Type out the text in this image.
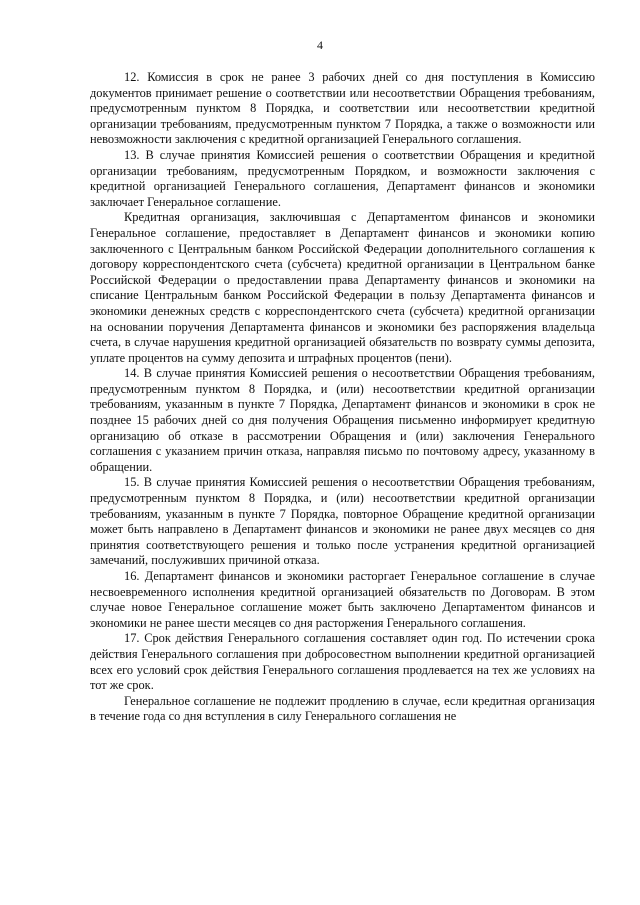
4

12. Комиссия в срок не ранее 3 рабочих дней со дня поступления в Комиссию документов принимает решение о соответствии или несоответствии Обращения требованиям, предусмотренным пунктом 8 Порядка, и соответствии или несоответствии кредитной организации требованиям, предусмотренным пунктом 7 Порядка, а также о возможности или невозможности заключения с кредитной организацией Генерального соглашения.

13. В случае принятия Комиссией решения о соответствии Обращения и кредитной организации требованиям, предусмотренным Порядком, и возможности заключения с кредитной организацией Генерального соглашения, Департамент финансов и экономики заключает Генеральное соглашение.

Кредитная организация, заключившая с Департаментом финансов и экономики Генеральное соглашение, предоставляет в Департамент финансов и экономики копию заключенного с Центральным банком Российской Федерации дополнительного соглашения к договору корреспондентского счета (субсчета) кредитной организации в Центральном банке Российской Федерации о предоставлении права Департаменту финансов и экономики на списание Центральным банком Российской Федерации в пользу Департамента финансов и экономики денежных средств с корреспондентского счета (субсчета) кредитной организации на основании поручения Департамента финансов и экономики без распоряжения владельца счета, в случае нарушения кредитной организацией обязательств по возврату суммы депозита, уплате процентов на сумму депозита и штрафных процентов (пени).

14. В случае принятия Комиссией решения о несоответствии Обращения требованиям, предусмотренным пунктом 8 Порядка, и (или) несоответствии кредитной организации требованиям, указанным в пункте 7 Порядка, Департамент финансов и экономики в срок не позднее 15 рабочих дней со дня получения Обращения письменно информирует кредитную организацию об отказе в рассмотрении Обращения и (или) заключения Генерального соглашения с указанием причин отказа, направляя письмо по почтовому адресу, указанному в обращении.

15. В случае принятия Комиссией решения о несоответствии Обращения требованиям, предусмотренным пунктом 8 Порядка, и (или) несоответствии кредитной организации требованиям, указанным в пункте 7 Порядка, повторное Обращение кредитной организации может быть направлено в Департамент финансов и экономики не ранее двух месяцев со дня принятия соответствующего решения и только после устранения кредитной организацией замечаний, послуживших причиной отказа.

16. Департамент финансов и экономики расторгает Генеральное соглашение в случае несвоевременного исполнения кредитной организацией обязательств по Договорам. В этом случае новое Генеральное соглашение может быть заключено Департаментом финансов и экономики не ранее шести месяцев со дня расторжения Генерального соглашения.

17. Срок действия Генерального соглашения составляет один год. По истечении срока действия Генерального соглашения при добросовестном выполнении кредитной организацией всех его условий срок действия Генерального соглашения продлевается на тех же условиях на тот же срок.

Генеральное соглашение не подлежит продлению в случае, если кредитная организация в течение года со дня вступления в силу Генерального соглашения не
